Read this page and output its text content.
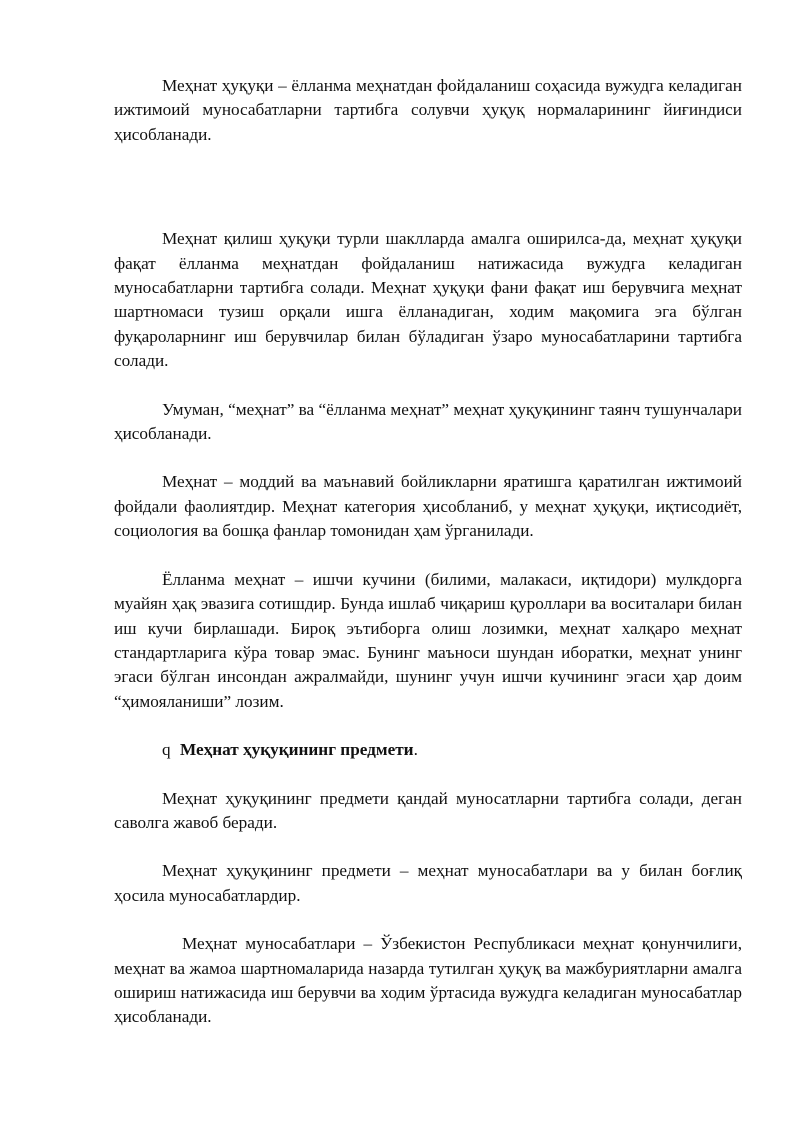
Меҳнат ҳуқуқи – ёлланма меҳнатдан фойдаланиш соҳасида вужудга келадиган ижтимоий муносабатларни тартибга солувчи ҳуқуқ нормаларининг йиғиндиси ҳисобланади.

Меҳнат қилиш ҳуқуқи турли шаклларда амалга оширилса-да, меҳнат ҳуқуқи фақат ёлланма меҳнатдан фойдаланиш натижасида вужудга келадиган муносабатларни тартибга солади. Меҳнат ҳуқуқи фани фақат иш берувчига меҳнат шартномаси тузиш орқали ишга ёлланадиган, ходим мақомига эга бўлган фуқароларнинг иш берувчилар билан бўладиган ўзаро муносабатларини тартибга солади.

Умуман, “меҳнат” ва “ёлланма меҳнат” меҳнат ҳуқуқининг таянч тушунчалари ҳисобланади.

Меҳнат – моддий ва маънавий бойликларни яратишга қаратилган ижтимоий фойдали фаолиятдир. Меҳнат категория ҳисобланиб, у меҳнат ҳуқуқи, иқтисодиёт, социология ва бошқа фанлар томонидан ҳам ўрганилади.

Ёлланма меҳнат – ишчи кучини (билими, малакаси, иқтидори) мулкдорга муайян ҳақ эвазига сотишдир. Бунда ишлаб чиқариш қуроллари ва воситалари билан иш кучи бирлашади. Бироқ эътиборга олиш лозимки, меҳнат халқаро меҳнат стандартларига кўра товар эмас. Бунинг маъноси шундан иборатки, меҳнат унинг эгаси бўлган инсондан ажралмайди, шунинг учун ишчи кучининг эгаси ҳар доим “ҳимояланиши” лозим.

q Меҳнат ҳуқуқининг предмети.

Меҳнат ҳуқуқининг предмети қандай муносатларни тартибга солади, деган саволга жавоб беради.

Меҳнат ҳуқуқининг предмети – меҳнат муносабатлари ва у билан боғлиқ ҳосила муносабатлардир.

Меҳнат муносабатлари – Ўзбекистон Республикаси меҳнат қонунчилиги, меҳнат ва жамоа шартномаларида назарда тутилган ҳуқуқ ва мажбуриятларни амалга ошириш натижасида иш берувчи ва ходим ўртасида вужудга келадиган муносабатлар ҳисобланади.
